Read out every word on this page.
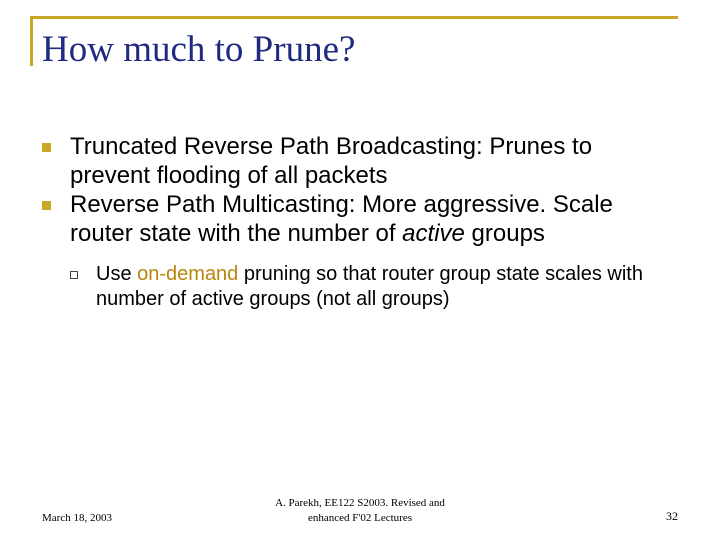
How much to Prune?
Truncated Reverse Path Broadcasting: Prunes to prevent flooding of all packets
Reverse Path Multicasting: More aggressive. Scale router state with the number of active groups
Use on-demand pruning so that router group state scales with number of active groups (not all groups)
March 18, 2003
A. Parekh, EE122 S2003. Revised and
enhanced F'02 Lectures	32
